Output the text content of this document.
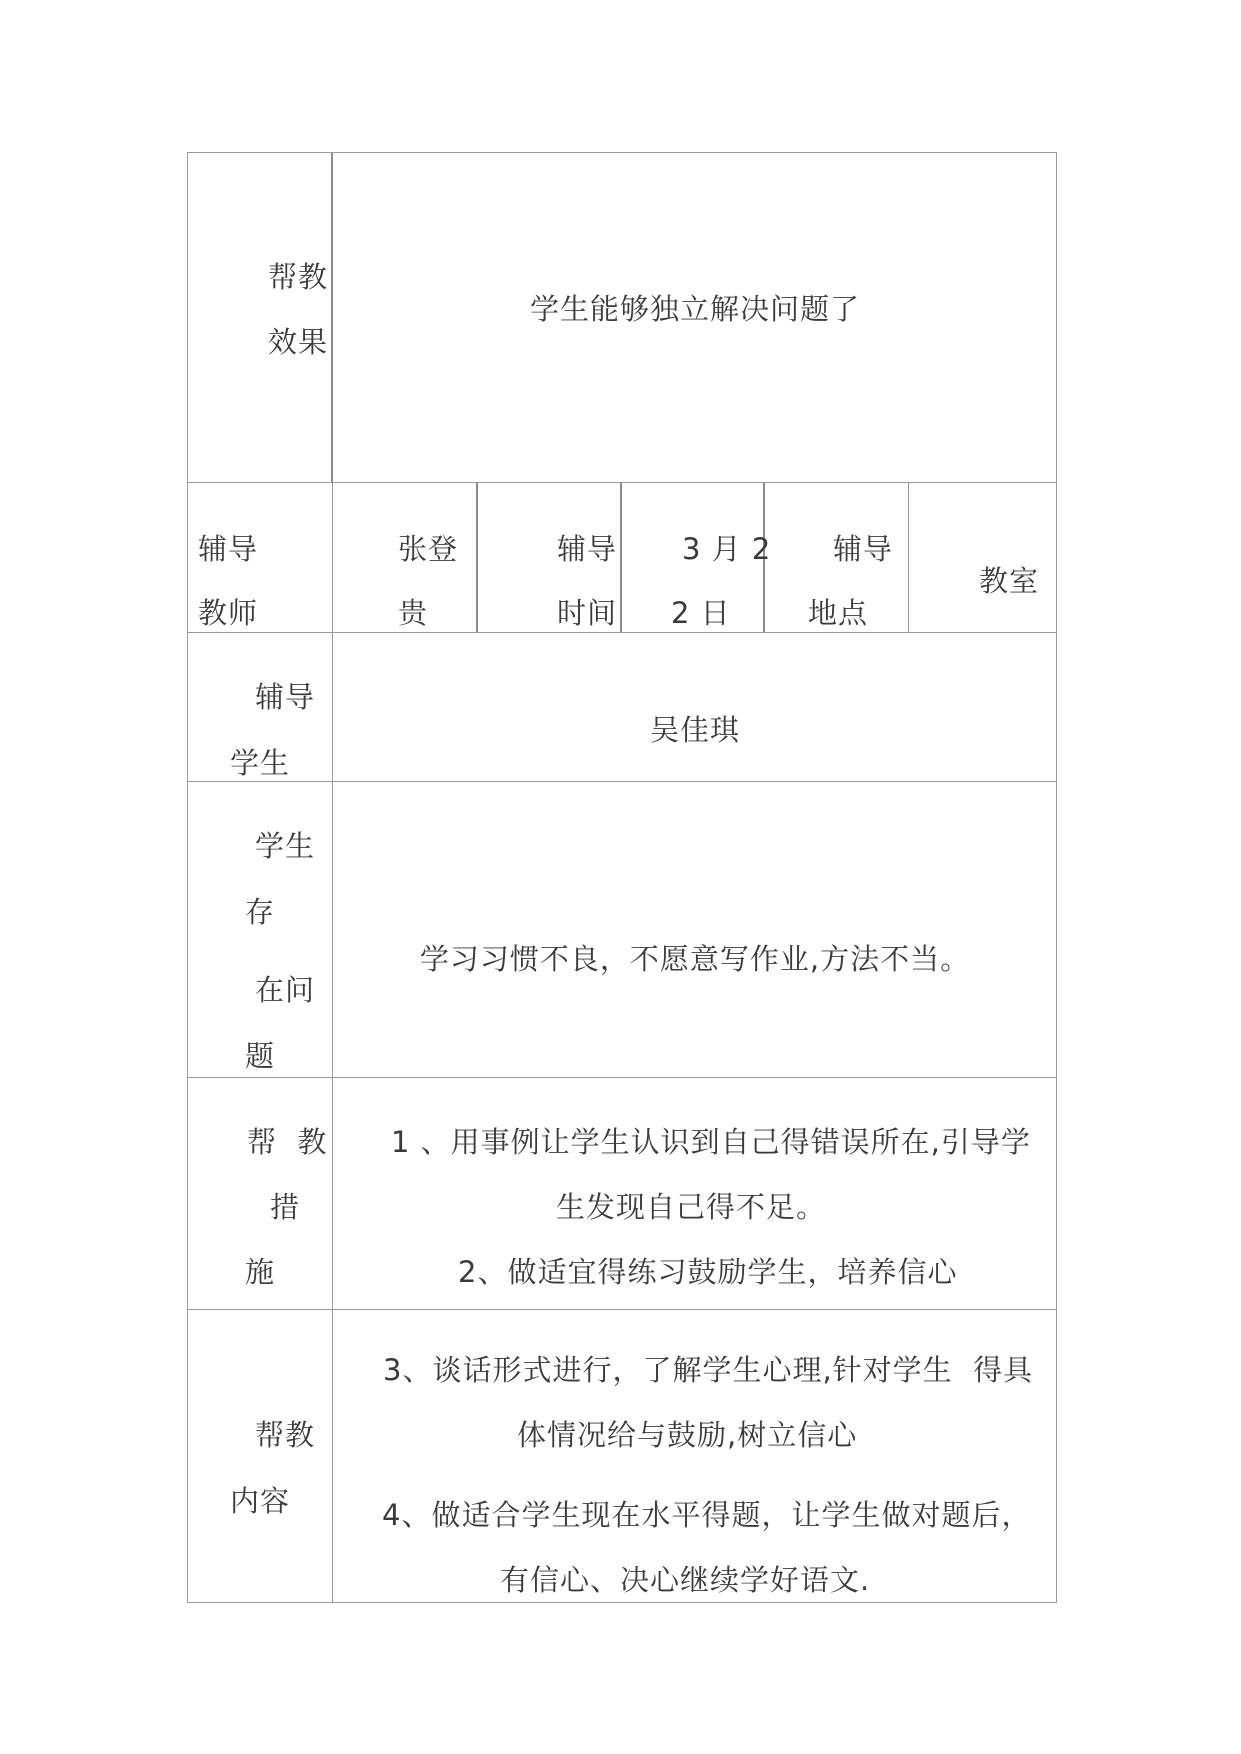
帮教
效果
学生能够独立解决问题了
辅导
教师
张登
贵
辅导
时间
3 月 2
2 日
辅导
地点
教室
辅导
学生
吴佳琪
学生
存
在问
题
学习习惯不良，不愿意写作业,方法不当。
帮  教
措
施
1 、用事例让学生认识到自己得错误所在,引导学
生发现自己得不足。
2、做适宜得练习鼓励学生，培养信心
帮教
内容
3、谈话形式进行，了解学生心理,针对学生  得具
体情况给与鼓励,树立信心
4、做适合学生现在水平得题，让学生做对题后，
有信心、决心继续学好语文.
